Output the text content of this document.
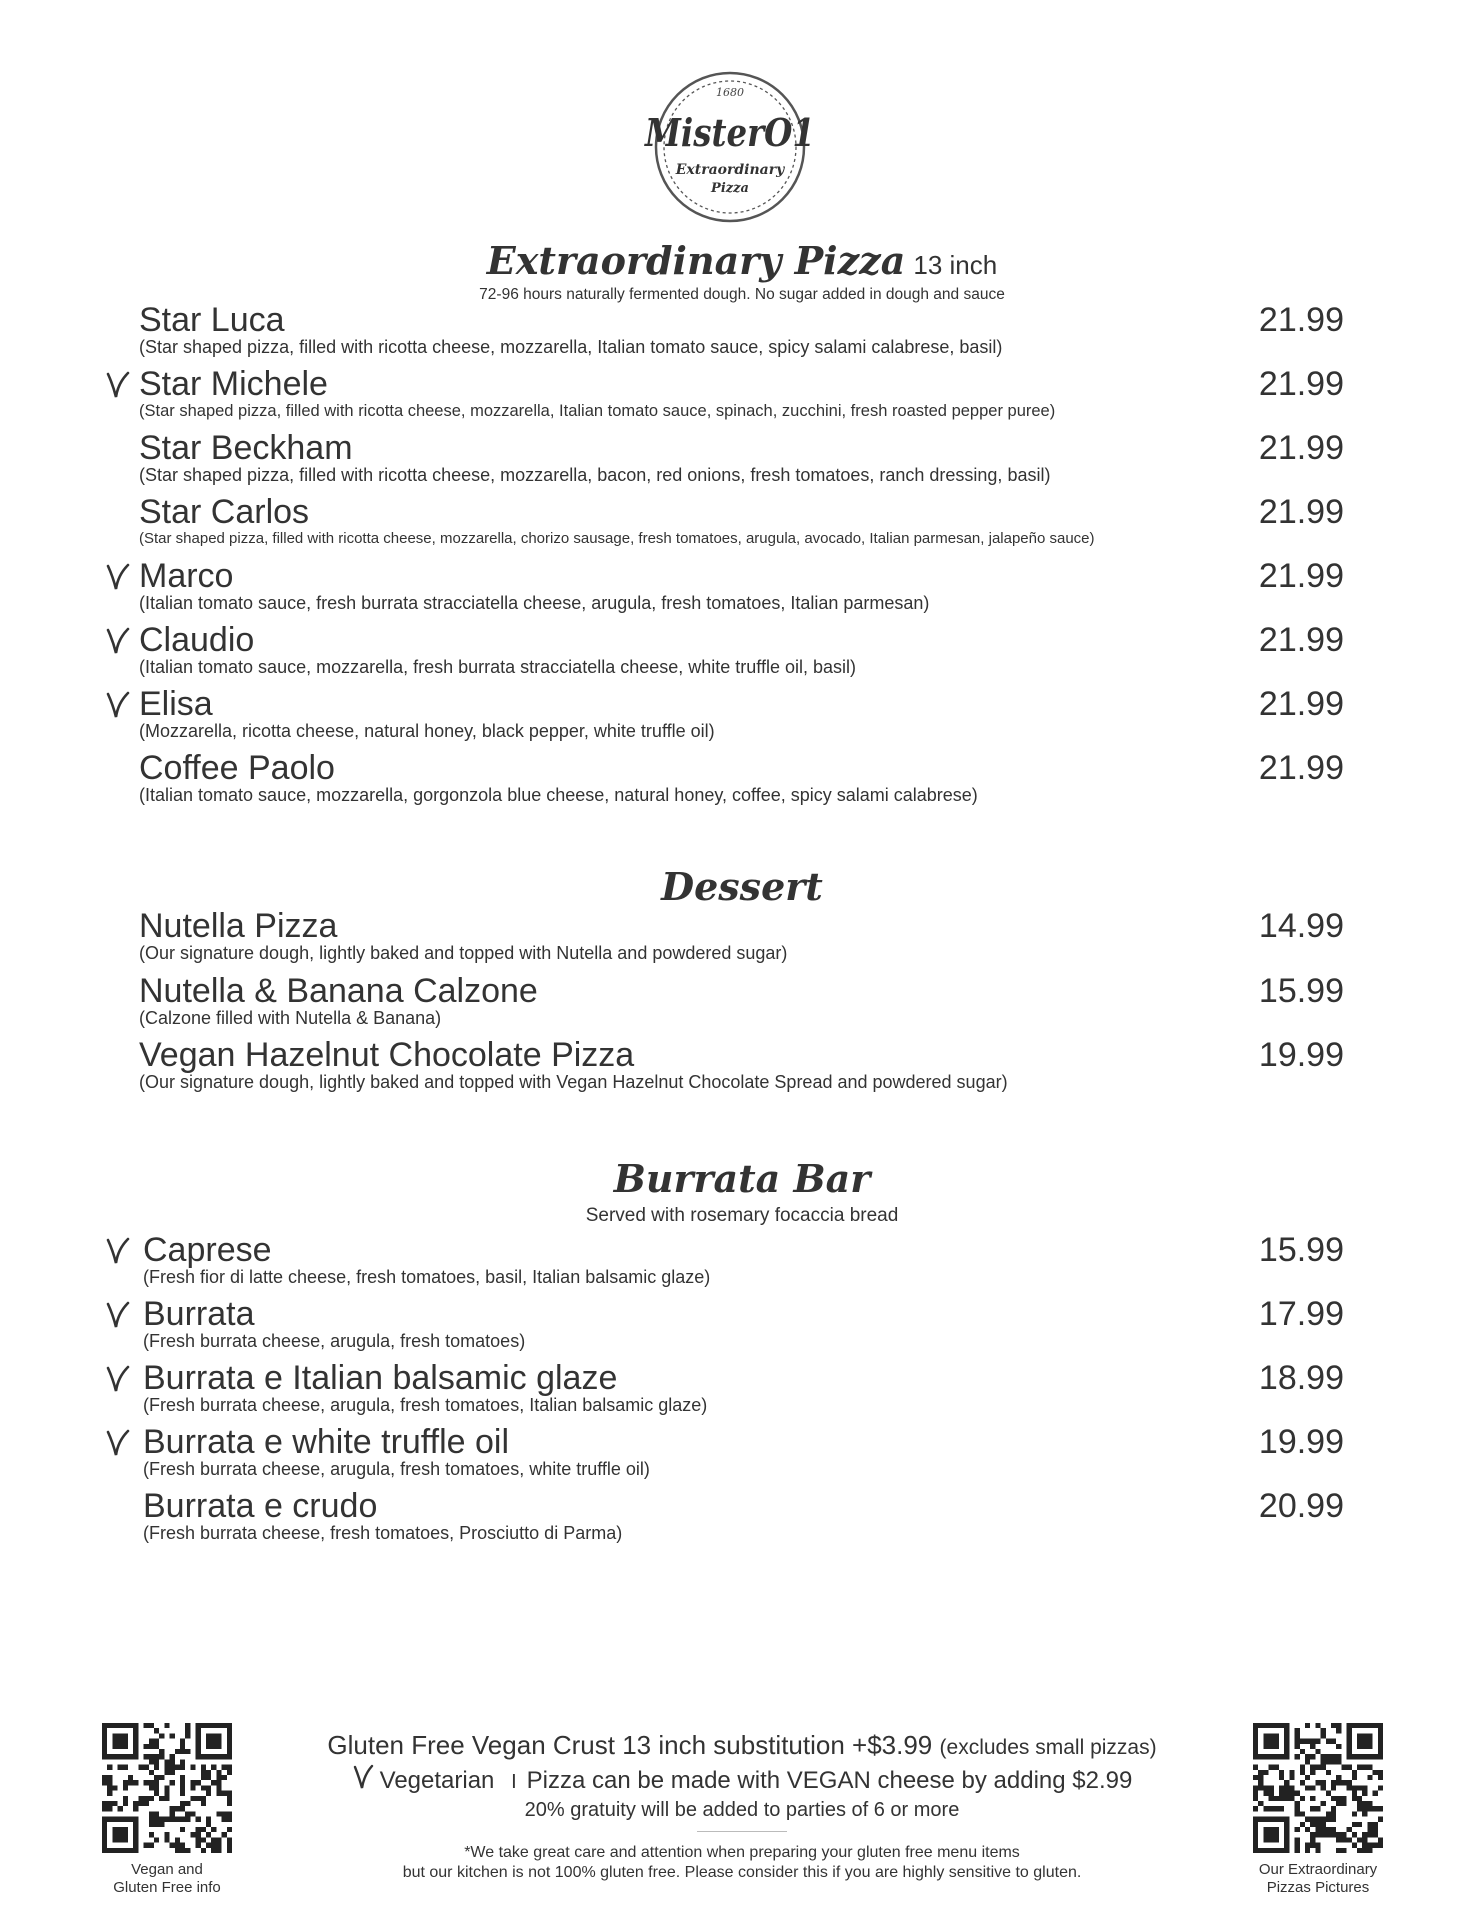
1680
MisterO1
Extraordinary
Pizza
Extraordinary Pizza 13 inch
72-96 hours naturally fermented dough. No sugar added in dough and sauce
Star Luca
(Star shaped pizza, filled with ricotta cheese, mozzarella, Italian tomato sauce, spicy salami calabrese, basil)
21.99
Star Michele
(Star shaped pizza, filled with ricotta cheese, mozzarella, Italian tomato sauce, spinach, zucchini, fresh roasted pepper puree)
21.99
Star Beckham
(Star shaped pizza, filled with ricotta cheese, mozzarella, bacon, red onions, fresh tomatoes, ranch dressing, basil)
21.99
Star Carlos
(Star shaped pizza, filled with ricotta cheese, mozzarella, chorizo sausage, fresh tomatoes, arugula, avocado, Italian parmesan, jalapeño sauce)
21.99
Marco
(Italian tomato sauce, fresh burrata stracciatella cheese, arugula, fresh tomatoes, Italian parmesan)
21.99
Claudio
(Italian tomato sauce, mozzarella, fresh burrata stracciatella cheese, white truffle oil, basil)
21.99
Elisa
(Mozzarella, ricotta cheese, natural honey, black pepper, white truffle oil)
21.99
Coffee Paolo
(Italian tomato sauce, mozzarella, gorgonzola blue cheese, natural honey, coffee, spicy salami calabrese)
21.99
Dessert
Nutella Pizza
(Our signature dough, lightly baked and topped with Nutella and powdered sugar)
14.99
Nutella & Banana Calzone
(Calzone filled with Nutella & Banana)
15.99
Vegan Hazelnut Chocolate Pizza
(Our signature dough, lightly baked and topped with Vegan Hazelnut Chocolate Spread and powdered sugar)
19.99
Burrata Bar
Served with rosemary focaccia bread
Caprese
(Fresh fior di latte cheese, fresh tomatoes, basil, Italian balsamic glaze)
15.99
Burrata
(Fresh burrata cheese, arugula, fresh tomatoes)
17.99
Burrata e Italian balsamic glaze
(Fresh burrata cheese, arugula, fresh tomatoes, Italian balsamic glaze)
18.99
Burrata e white truffle oil
(Fresh burrata cheese, arugula, fresh tomatoes, white truffle oil)
19.99
Burrata e crudo
(Fresh burrata cheese, fresh tomatoes, Prosciutto di Parma)
20.99
Vegan and
Gluten Free info
Our Extraordinary
Pizzas Pictures
Gluten Free Vegan Crust 13 inch substitution +$3.99 (excludes small pizzas)
Vegetarian I Pizza can be made with VEGAN cheese by adding $2.99
20% gratuity will be added to parties of 6 or more
*We take great care and attention when preparing your gluten free menu items
but our kitchen is not 100% gluten free. Please consider this if you are highly sensitive to gluten.
